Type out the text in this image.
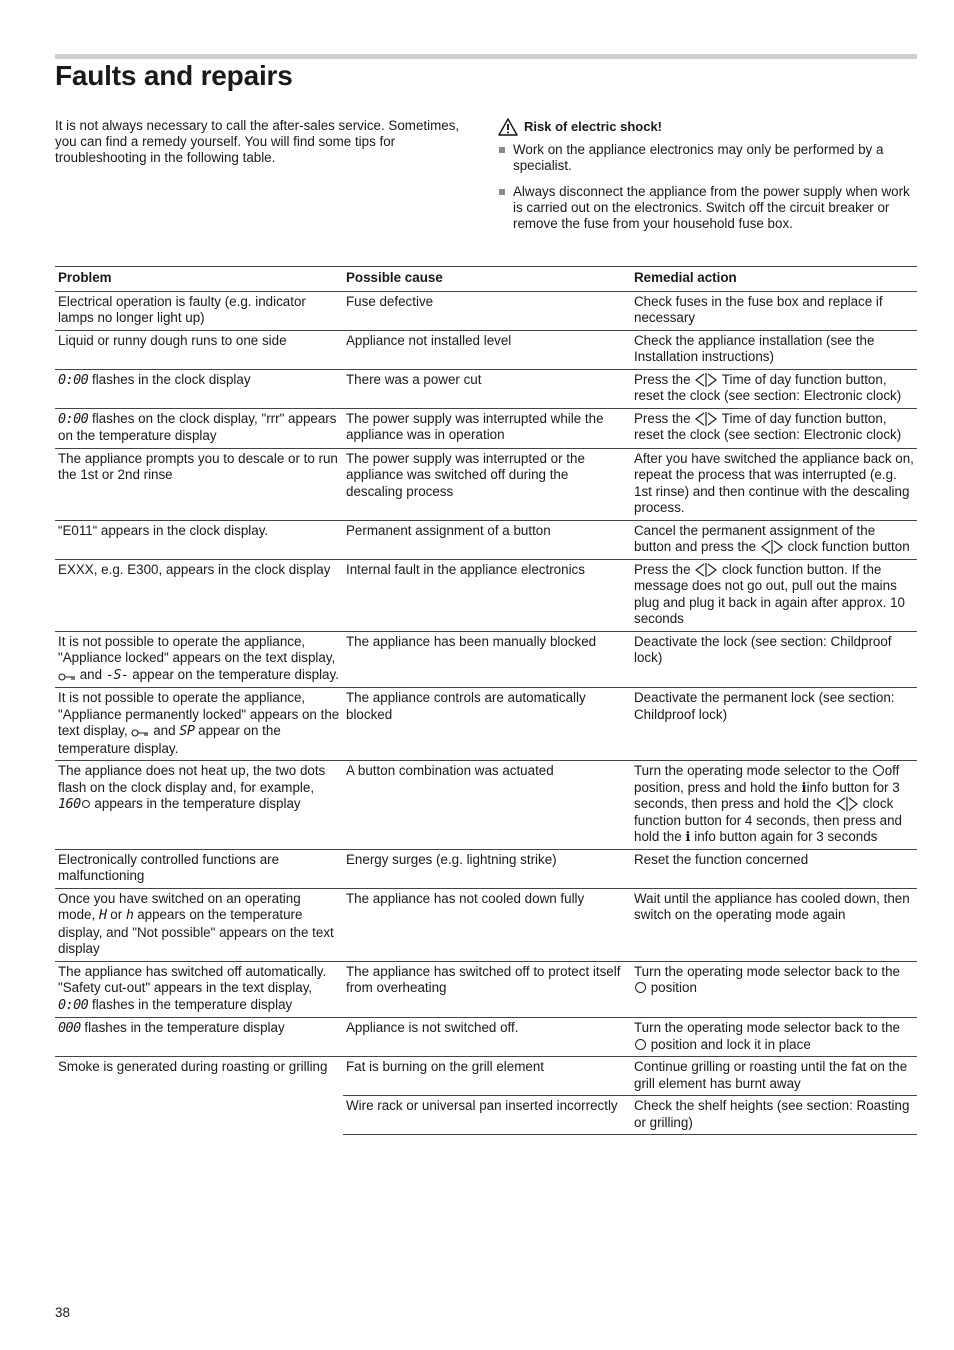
Faults and repairs
It is not always necessary to call the after-sales service. Sometimes, you can find a remedy yourself. You will find some tips for troubleshooting in the following table.
Risk of electric shock!
Work on the appliance electronics may only be performed by a specialist.
Always disconnect the appliance from the power supply when work is carried out on the electronics. Switch off the circuit breaker or remove the fuse from your household fuse box.
Problem	Possible cause	Remedial action
Electrical operation is faulty (e.g. indicator lamps no longer light up)	Fuse defective	Check fuses in the fuse box and replace if necessary
Liquid or runny dough runs to one side	Appliance not installed level	Check the appliance installation (see the Installation instructions)
0:00 flashes in the clock display	There was a power cut	Press the Time of day function button, reset the clock (see section: Electronic clock)
0:00 flashes on the clock display, "rrr" appears on the temperature display	The power supply was interrupted while the appliance was in operation	Press the Time of day function button, reset the clock (see section: Electronic clock)
The appliance prompts you to descale or to run the 1st or 2nd rinse	The power supply was interrupted or the appliance was switched off during the descaling process	After you have switched the appliance back on, repeat the process that was interrupted (e.g. 1st rinse) and then continue with the descaling process.
“E011“ appears in the clock display.	Permanent assignment of a button	Cancel the permanent assignment of the button and press the clock function button
EXXX, e.g. E300, appears in the clock display	Internal fault in the appliance electronics	Press the clock function button. If the message does not go out, pull out the mains plug and plug it back in again after approx. 10 seconds
It is not possible to operate the appliance, "Appliance locked" appears on the text display,  and -S- appear on the temperature display.	The appliance has been manually blocked	Deactivate the lock (see section: Childproof lock)
It is not possible to operate the appliance, "Appliance permanently locked" appears on the text display, and SP appear on the temperature display.	The appliance controls are automatically blocked	Deactivate the permanent lock (see section: Childproof lock)
The appliance does not heat up, the two dots flash on the clock display and, for example, 160 appears in the temperature display	A button combination was actuated	Turn the operating mode selector to the off position, press and hold the iinfo button for 3 seconds, then press and hold the clock function button for 4 seconds, then press and hold the i info button again for 3 seconds
Electronically controlled functions are malfunctioning	Energy surges (e.g. lightning strike)	Reset the function concerned
Once you have switched on an operating mode, H or h appears on the temperature display, and "Not possible" appears on the text display	The appliance has not cooled down fully	Wait until the appliance has cooled down, then switch on the operating mode again
The appliance has switched off automatically. "Safety cut-out" appears in the text display, 0:00 flashes in the temperature display	The appliance has switched off to protect itself from overheating	Turn the operating mode selector back to the  position
000 flashes in the temperature display	Appliance is not switched off.	Turn the operating mode selector back to the  position and lock it in place
Smoke is generated during roasting or grilling	Fat is burning on the grill element	Continue grilling or roasting until the fat on the grill element has burnt away
	Wire rack or universal pan inserted incorrectly	Check the shelf heights (see section: Roasting or grilling)
38
